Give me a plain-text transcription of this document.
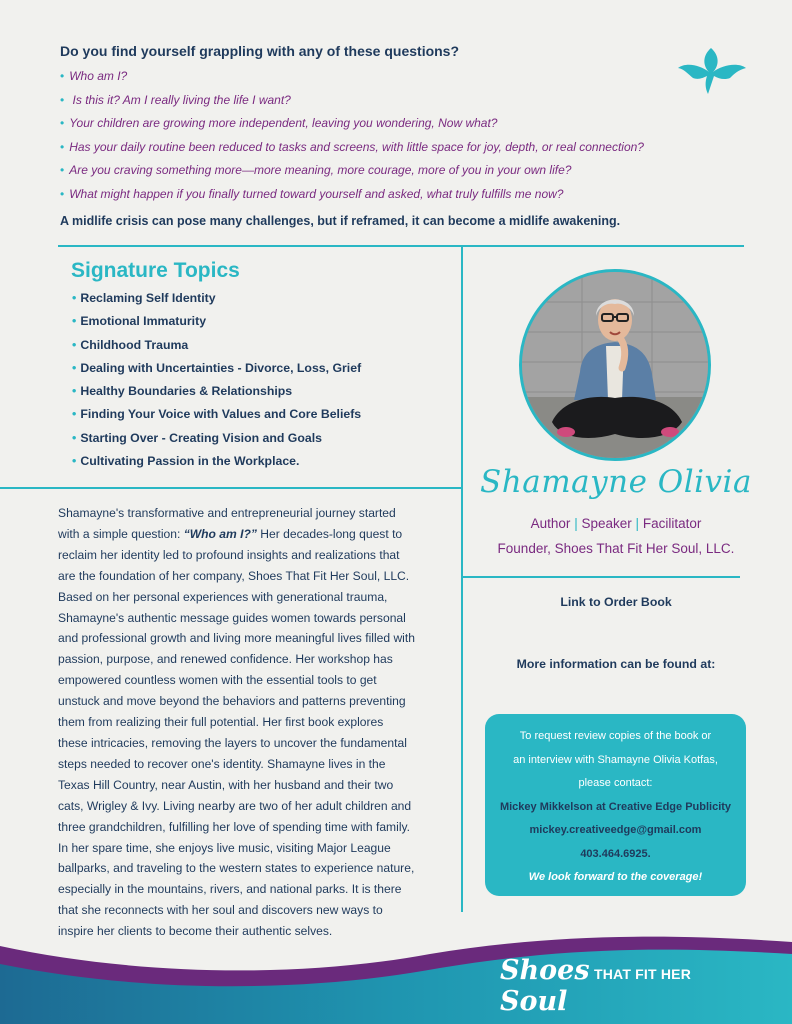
Do you find yourself grappling with any of these questions?
• Who am I?
• Is this it? Am I really living the life I want?
• Your children are growing more independent, leaving you wondering, Now what?
• Has your daily routine been reduced to tasks and screens, with little space for joy, depth, or real connection?
• Are you craving something more—more meaning, more courage, more of you in your own life?
• What might happen if you finally turned toward yourself and asked, what truly fulfills me now?
A midlife crisis can pose many challenges, but if reframed, it can become a midlife awakening.
Signature Topics
• Reclaming Self Identity
• Emotional Immaturity
• Childhood Trauma
• Dealing with Uncertainties - Divorce, Loss, Grief
• Healthy Boundaries & Relationships
• Finding Your Voice with Values and Core Beliefs
• Starting Over - Creating Vision and Goals
• Cultivating Passion in the Workplace.
Shamayne's transformative and entrepreneurial journey started with a simple question: “Who am I?” Her decades-long quest to reclaim her identity led to profound insights and realizations that are the foundation of her company, Shoes That Fit Her Soul, LLC. Based on her personal experiences with generational trauma, Shamayne's authentic message guides women towards personal and professional growth and living more meaningful lives filled with passion, purpose, and renewed confidence. Her workshop has empowered countless women with the essential tools to get unstuck and move beyond the behaviors and patterns preventing them from realizing their full potential. Her first book explores these intricacies, removing the layers to uncover the fundamental steps needed to recover one's identity. Shamayne lives in the Texas Hill Country, near Austin, with her husband and their two cats, Wrigley & Ivy. Living nearby are two of her adult children and three grandchildren, fulfilling her love of spending time with family. In her spare time, she enjoys live music, visiting Major League ballparks, and traveling to the western states to experience nature, especially in the mountains, rivers, and national parks. It is there that she reconnects with her soul and discovers new ways to inspire her clients to become their authentic selves.
Shamayne Olivia
Author | Speaker | Facilitator
Founder, Shoes That Fit Her Soul, LLC.
Link to Order Book
More information can be found at:

To request review copies of the book or

an interview with Shamayne Olivia Kotfas,

please contact:

Mickey Mikkelson at Creative Edge Publicity

mickey.creativeedge@gmail.com

403.464.6925.

We look forward to the coverage!

Shoes THAT FIT HER Soul
